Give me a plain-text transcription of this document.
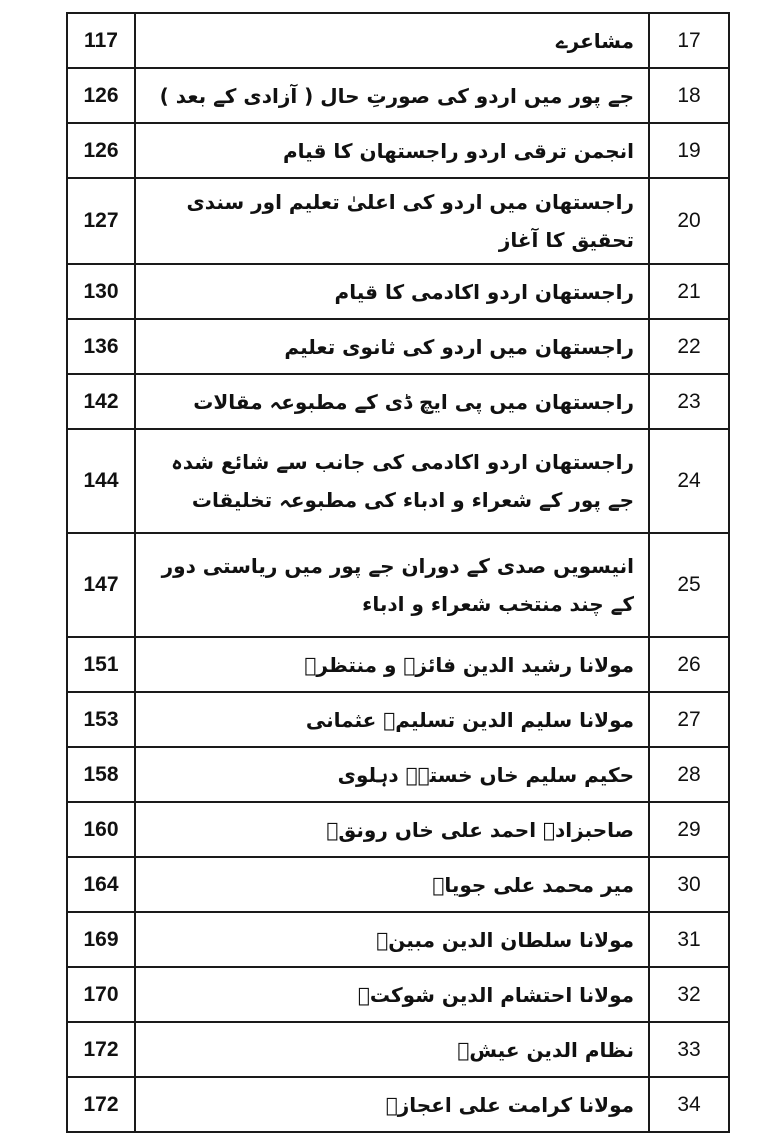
117	مشاعرے	17
126	جے پور میں اردو کی صورتِ حال ( آزادی کے بعد )	18
126	انجمن ترقی اردو راجستھان کا قیام	19
127	راجستھان میں اردو کی اعلیٰ تعلیم اور سندی تحقیق کا آغاز	20
130	راجستھان اردو اکادمی کا قیام	21
136	راجستھان میں اردو کی ثانوی تعلیم	22
142	راجستھان میں پی ایچ ڈی کے مطبوعہ مقالات	23
144	راجستھان اردو اکادمی کی جانب سے شائع شدہ جے پور کے شعراء و ادباء کی مطبوعہ تخلیقات	24
147	انیسویں صدی کے دوران جے پور میں ریاستی دور کے چند منتخب شعراء و ادباء	25
151	مولانا رشید الدین فائزؔ و منتظرؔ	26
153	مولانا سلیم الدین تسلیمؔ عثمانی	27
158	حکیم سلیم خاں خستہؔ دہلوی	28
160	صاحبزادہ احمد علی خاں رونقؔ	29
164	میر محمد علی جویاؔ	30
169	مولانا سلطان الدین مبینؔ	31
170	مولانا احتشام الدین شوکتؔ	32
172	نظام الدین عیشؔ	33
172	مولانا کرامت علی اعجازؔ	34
